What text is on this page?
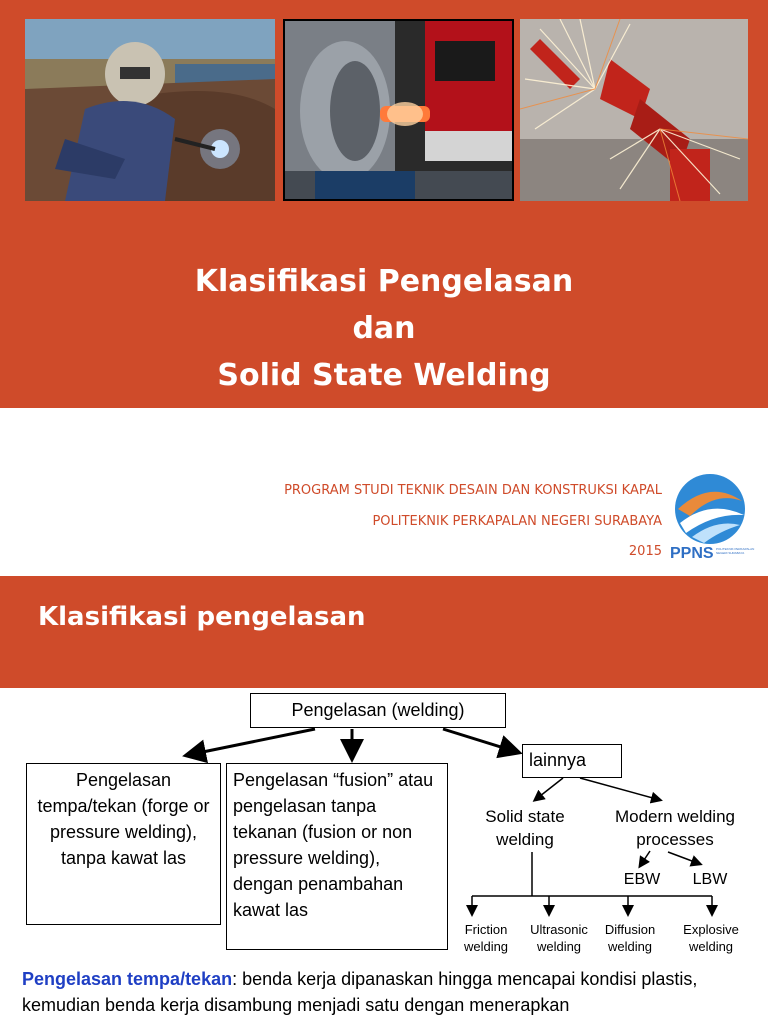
Klasifikasi Pengelasan
dan
Solid State Welding
PROGRAM STUDI TEKNIK DESAIN DAN KONSTRUKSI KAPAL
POLITEKNIK PERKAPALAN NEGERI SURABAYA
2015 PPNS POLITEKNIK PERKAPALAN NEGERI SURABAYA
Klasifikasi pengelasan
Pengelasan (welding)
Pengelasan tempa/tekan (forge or pressure welding), tanpa kawat las
Pengelasan “fusion” atau pengelasan tanpa tekanan (fusion or non pressure welding), dengan penambahan kawat las
lainnya
Solid state welding
Modern welding processes
EBW	LBW
Friction welding
Ultrasonic welding
Diffusion welding
Explosive welding
Pengelasan tempa/tekan: benda kerja dipanaskan hingga mencapai kondisi plastis, kemudian benda kerja disambung menjadi satu dengan menerapkan
